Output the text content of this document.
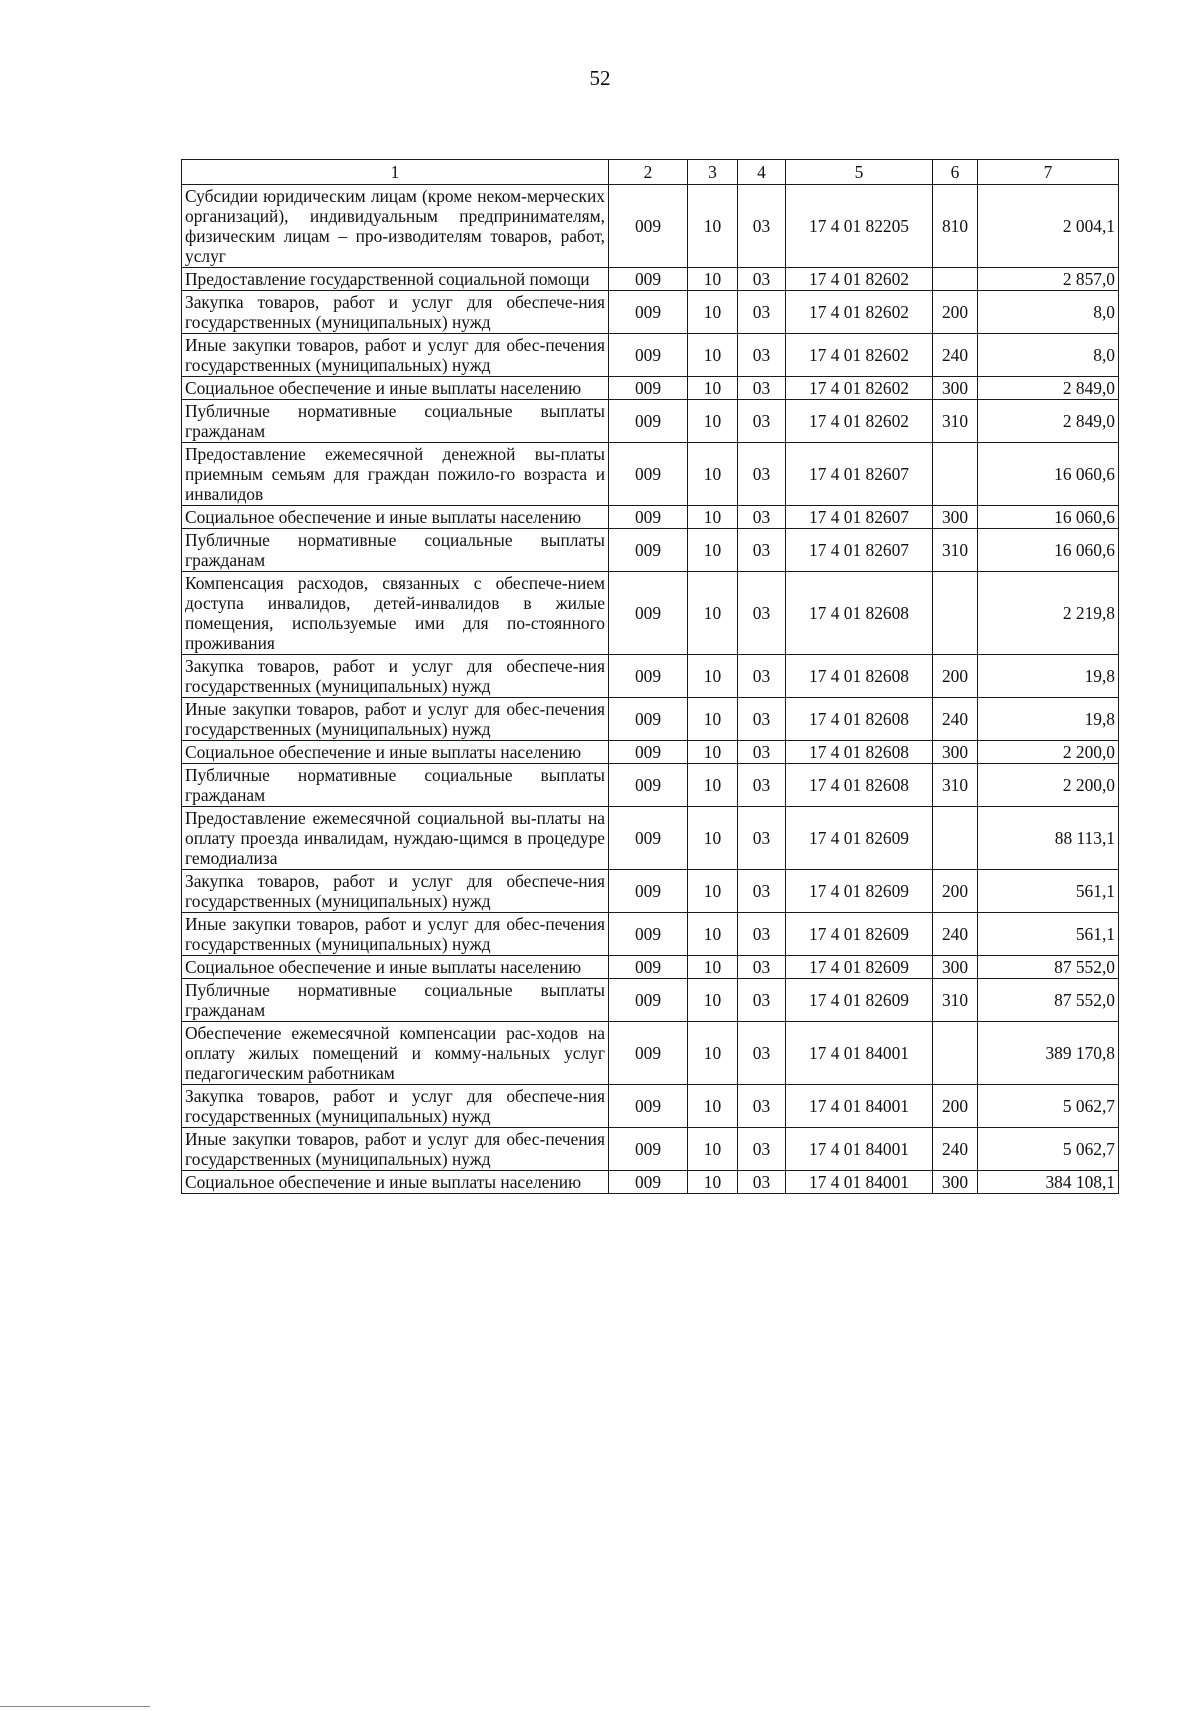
52
1	2	3	4	5	6	7
Субсидии юридическим лицам (кроме неком-мерческих организаций), индивидуальным предпринимателям, физическим лицам – про-изводителям товаров, работ, услуг	009	10	03	17 4 01 82205	810	2 004,1
Предоставление государственной социальной помощи	009	10	03	17 4 01 82602		2 857,0
Закупка товаров, работ и услуг для обеспече-ния государственных (муниципальных) нужд	009	10	03	17 4 01 82602	200	8,0
Иные закупки товаров, работ и услуг для обес-печения государственных (муниципальных) нужд	009	10	03	17 4 01 82602	240	8,0
Социальное обеспечение и иные выплаты населению	009	10	03	17 4 01 82602	300	2 849,0
Публичные нормативные социальные выплаты гражданам	009	10	03	17 4 01 82602	310	2 849,0
Предоставление ежемесячной денежной вы-платы приемным семьям для граждан пожило-го возраста и инвалидов	009	10	03	17 4 01 82607		16 060,6
Социальное обеспечение и иные выплаты населению	009	10	03	17 4 01 82607	300	16 060,6
Публичные нормативные социальные выплаты гражданам	009	10	03	17 4 01 82607	310	16 060,6
Компенсация расходов, связанных с обеспече-нием доступа инвалидов, детей-инвалидов в жилые помещения, используемые ими для по-стоянного проживания	009	10	03	17 4 01 82608		2 219,8
Закупка товаров, работ и услуг для обеспече-ния государственных (муниципальных) нужд	009	10	03	17 4 01 82608	200	19,8
Иные закупки товаров, работ и услуг для обес-печения государственных (муниципальных) нужд	009	10	03	17 4 01 82608	240	19,8
Социальное обеспечение и иные выплаты населению	009	10	03	17 4 01 82608	300	2 200,0
Публичные нормативные социальные выплаты гражданам	009	10	03	17 4 01 82608	310	2 200,0
Предоставление ежемесячной социальной вы-платы на оплату проезда инвалидам, нуждаю-щимся в процедуре гемодиализа	009	10	03	17 4 01 82609		88 113,1
Закупка товаров, работ и услуг для обеспече-ния государственных (муниципальных) нужд	009	10	03	17 4 01 82609	200	561,1
Иные закупки товаров, работ и услуг для обес-печения государственных (муниципальных) нужд	009	10	03	17 4 01 82609	240	561,1
Социальное обеспечение и иные выплаты населению	009	10	03	17 4 01 82609	300	87 552,0
Публичные нормативные социальные выплаты гражданам	009	10	03	17 4 01 82609	310	87 552,0
Обеспечение ежемесячной компенсации рас-ходов на оплату жилых помещений и комму-нальных услуг педагогическим работникам	009	10	03	17 4 01 84001		389 170,8
Закупка товаров, работ и услуг для обеспече-ния государственных (муниципальных) нужд	009	10	03	17 4 01 84001	200	5 062,7
Иные закупки товаров, работ и услуг для обес-печения государственных (муниципальных) нужд	009	10	03	17 4 01 84001	240	5 062,7
Социальное обеспечение и иные выплаты населению	009	10	03	17 4 01 84001	300	384 108,1
